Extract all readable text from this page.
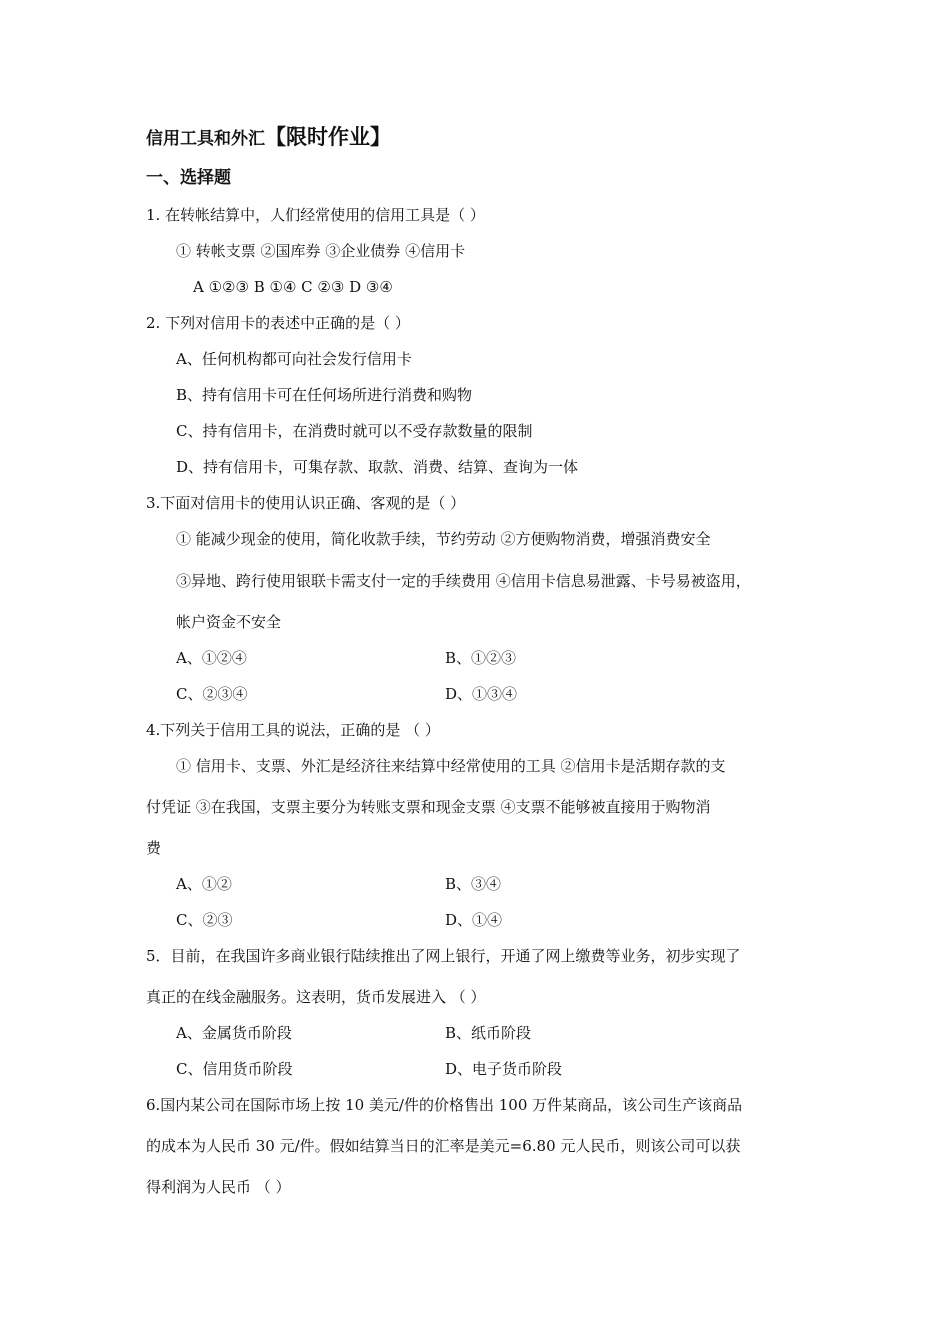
信用工具和外汇【限时作业】
一、选择题
1. 在转帐结算中，人们经常使用的信用工具是（ ）
① 转帐支票 ②国库券 ③企业债券 ④信用卡
A ①②③ B ①④ C ②③ D ③④
2. 下列对信用卡的表述中正确的是（ ）
A、任何机构都可向社会发行信用卡
B、持有信用卡可在任何场所进行消费和购物
C、持有信用卡，在消费时就可以不受存款数量的限制
D、持有信用卡，可集存款、取款、消费、结算、查询为一体
3.下面对信用卡的使用认识正确、客观的是（ ）
① 能减少现金的使用，简化收款手续，节约劳动 ②方便购物消费，增强消费安全
③异地、跨行使用银联卡需支付一定的手续费用 ④信用卡信息易泄露、卡号易被盗用，
帐户资金不安全
A、①②④	B、①②③
C、②③④	D、①③④
4.下列关于信用工具的说法，正确的是 （ ）
① 信用卡、支票、外汇是经济往来结算中经常使用的工具 ②信用卡是活期存款的支
付凭证 ③在我国，支票主要分为转账支票和现金支票 ④支票不能够被直接用于购物消
费
A、①②	B、③④
C、②③	D、①④
5．目前，在我国许多商业银行陆续推出了网上银行，开通了网上缴费等业务，初步实现了
真正的在线金融服务。这表明，货币发展进入 （ ）
A、金属货币阶段	B、纸币阶段
C、信用货币阶段	D、电子货币阶段
6.国内某公司在国际市场上按 10 美元/件的价格售出 100 万件某商品，该公司生产该商品
的成本为人民币 30 元/件。假如结算当日的汇率是美元=6.80 元人民币，则该公司可以获
得利润为人民币 （ ）
